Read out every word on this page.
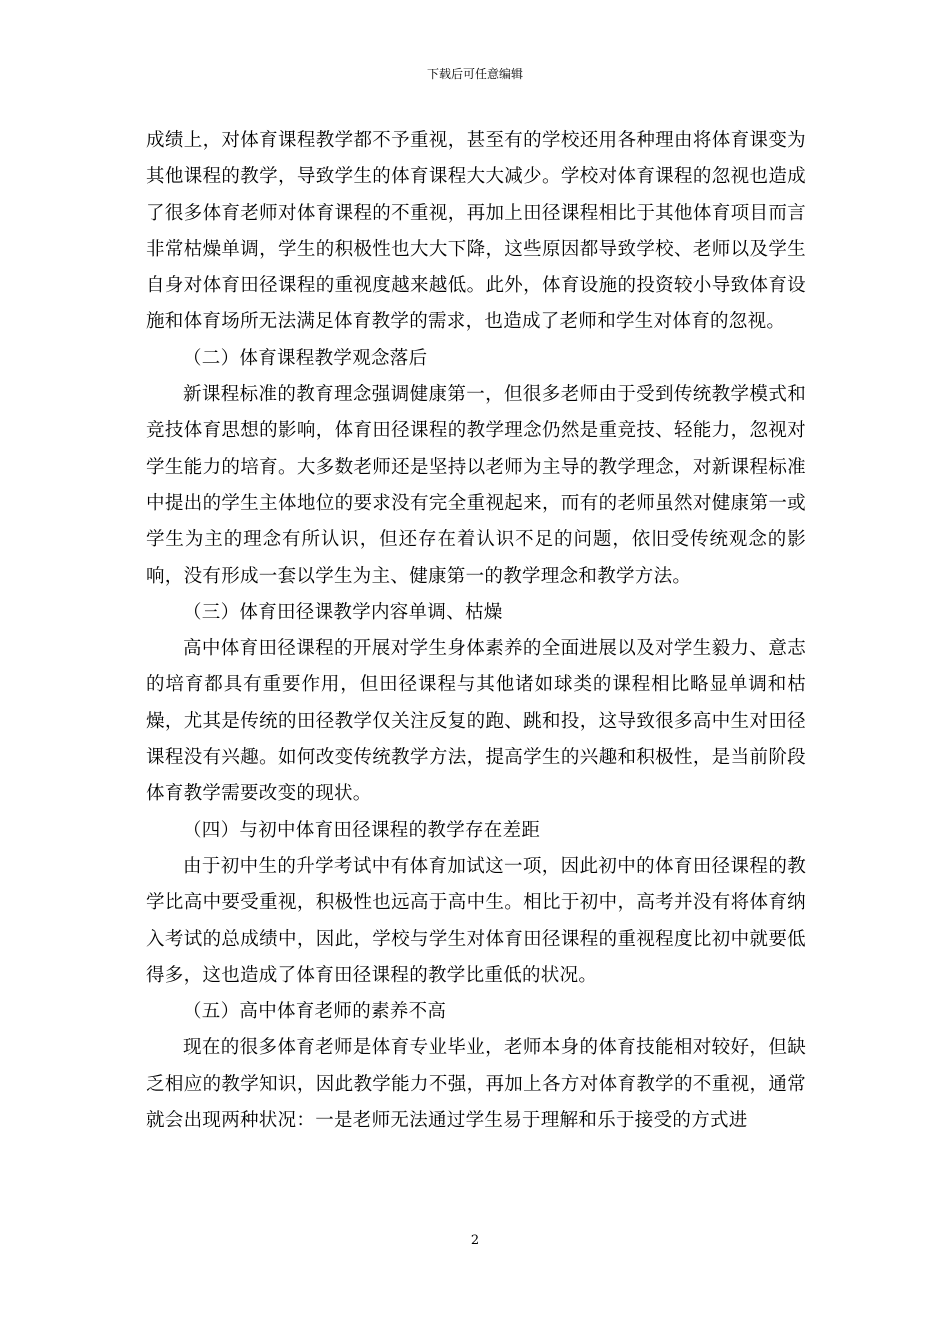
下载后可任意编辑

成绩上，对体育课程教学都不予重视，甚至有的学校还用各种理由将体育课变为其他课程的教学，导致学生的体育课程大大减少。学校对体育课程的忽视也造成了很多体育老师对体育课程的不重视，再加上田径课程相比于其他体育项目而言非常枯燥单调，学生的积极性也大大下降，这些原因都导致学校、老师以及学生自身对体育田径课程的重视度越来越低。此外，体育设施的投资较小导致体育设施和体育场所无法满足体育教学的需求，也造成了老师和学生对体育的忽视。

（二）体育课程教学观念落后

新课程标准的教育理念强调健康第一，但很多老师由于受到传统教学模式和竞技体育思想的影响，体育田径课程的教学理念仍然是重竞技、轻能力，忽视对学生能力的培育。大多数老师还是坚持以老师为主导的教学理念，对新课程标准中提出的学生主体地位的要求没有完全重视起来，而有的老师虽然对健康第一或学生为主的理念有所认识，但还存在着认识不足的问题，依旧受传统观念的影响，没有形成一套以学生为主、健康第一的教学理念和教学方法。

（三）体育田径课教学内容单调、枯燥

高中体育田径课程的开展对学生身体素养的全面进展以及对学生毅力、意志的培育都具有重要作用，但田径课程与其他诸如球类的课程相比略显单调和枯燥，尤其是传统的田径教学仅关注反复的跑、跳和投，这导致很多高中生对田径课程没有兴趣。如何改变传统教学方法，提高学生的兴趣和积极性，是当前阶段体育教学需要改变的现状。

（四）与初中体育田径课程的教学存在差距

由于初中生的升学考试中有体育加试这一项，因此初中的体育田径课程的教学比高中要受重视，积极性也远高于高中生。相比于初中，高考并没有将体育纳入考试的总成绩中，因此，学校与学生对体育田径课程的重视程度比初中就要低得多，这也造成了体育田径课程的教学比重低的状况。

（五）高中体育老师的素养不高

现在的很多体育老师是体育专业毕业，老师本身的体育技能相对较好，但缺乏相应的教学知识，因此教学能力不强，再加上各方对体育教学的不重视，通常就会出现两种状况：一是老师无法通过学生易于理解和乐于接受的方式进

2
